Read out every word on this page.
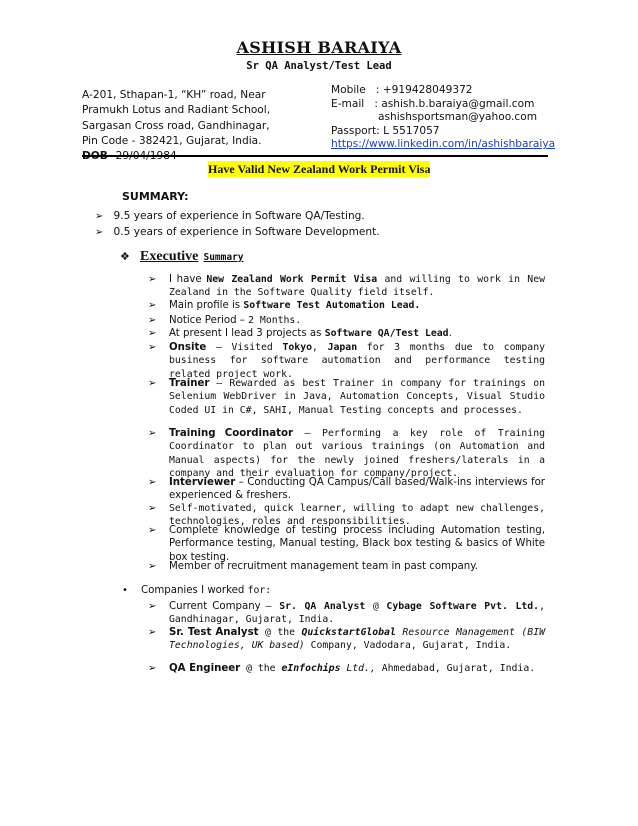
ASHISH BARAIYA
Sr QA Analyst/Test Lead
A-201, Sthapan-1, “KH” road, Near
Pramukh Lotus and Radiant School,
Sargasan Cross road, Gandhinagar,
Pin Code - 382421, Gujarat, India.
Mobile   : +919428049372
E-mail   : ashish.b.baraiya@gmail.com
ashishsportsman@yahoo.com
Passport: L 5517057
https://www.linkedin.com/in/ashishbaraiya
Have Valid New Zealand Work Permit Visa
SUMMARY:
➢ 9.5 years of experience in Software QA/Testing.
➢ 0.5 years of experience in Software Development.
❖ Executive Summary
➢ I have New Zealand Work Permit Visa and willing to work in New Zealand in the Software Quality field itself.
➢ Main profile is Software Test Automation Lead.
➢ Notice Period – 2 Months.
➢ At present I lead 3 projects as Software QA/Test Lead.
➢ Onsite – Visited Tokyo, Japan for 3 months due to company business for software automation and performance testing related project work.
➢ Trainer – Rewarded as best Trainer in company for trainings on Selenium WebDriver in Java, Automation Concepts, Visual Studio Coded UI in C#, SAHI, Manual Testing concepts and processes.
➢ Training Coordinator – Performing a key role of Training Coordinator to plan out various trainings (on Automation and Manual aspects) for the newly joined freshers/laterals in a company and their evaluation for company/project.
➢ Interviewer – Conducting QA Campus/Call based/Walk-ins interviews for experienced & freshers.
➢ Self-motivated, quick learner, willing to adapt new challenges, technologies, roles and responsibilities.
➢ Complete knowledge of testing process including Automation testing, Performance testing, Manual testing, Black box testing & basics of White box testing.
➢ Member of recruitment management team in past company.
• Companies I worked for:
➢ Current Company – Sr. QA Analyst @ Cybage Software Pvt. Ltd., Gandhinagar, Gujarat, India.
➢ Sr. Test Analyst @ the QuickstartGlobal Resource Management (BIW Technologies, UK based) Company, Vadodara, Gujarat, India.
➢ QA Engineer @ the eInfochips Ltd., Ahmedabad, Gujarat, India.
